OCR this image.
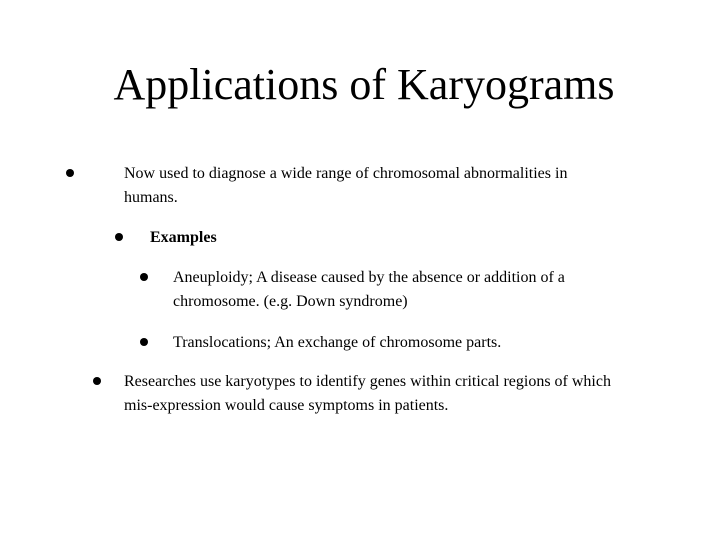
Applications of Karyograms
Now used to diagnose a wide range of chromosomal abnormalities in
humans.
Examples
Aneuploidy; A disease caused by the absence or addition of a
chromosome. (e.g. Down syndrome)
Translocations; An exchange of chromosome parts.
Researches use karyotypes to identify genes within critical regions of which
mis-expression would cause symptoms in patients.
